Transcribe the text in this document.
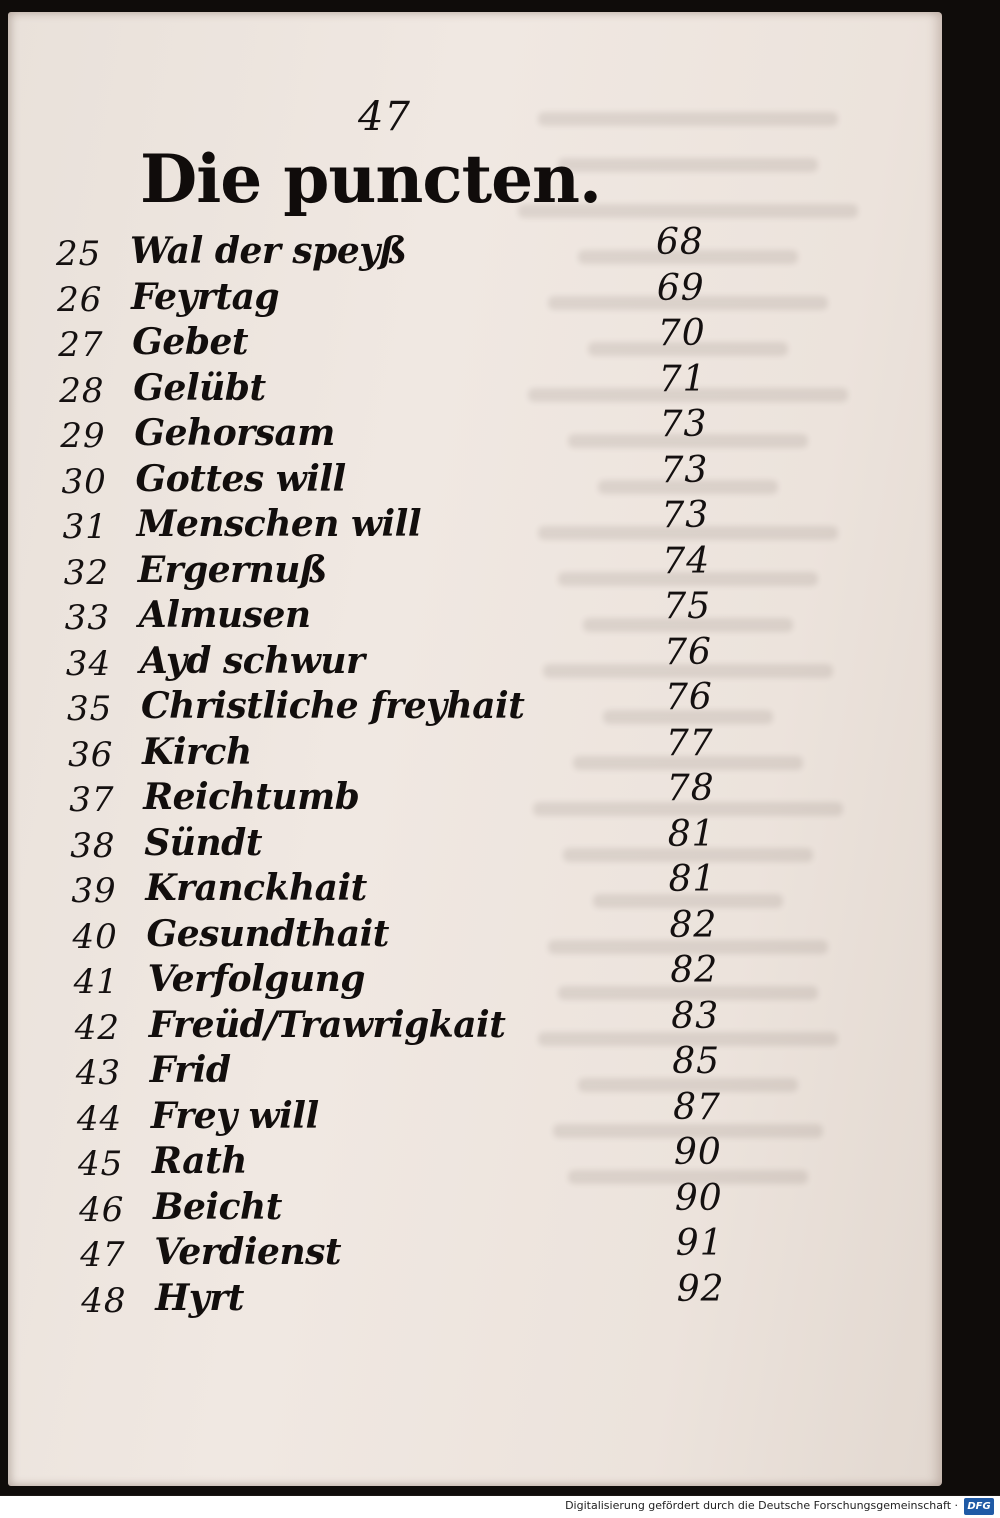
47
Die puncten.
25 Wal der speyß	68
26 Feyrtag	69
27 Gebet	70
28 Gelübt	71
29 Gehorsam	73
30 Gottes will	73
31 Menschen will	73
32 Ergernuß	74
33 Almusen	75
34 Ayd schwur	76
35 Christliche freyhait	76
36 Kirch	77
37 Reichtumb	78
38 Sündt	81
39 Kranckhait	81
40 Gesundthait	82
41 Verfolgung	82
42 Freüd/Trawrigkait	83
43 Frid	85
44 Frey will	87
45 Rath	90
46 Beicht	90
47 Verdienst	91
48 Hyrt	92
Digitalisierung gefördert durch die Deutsche Forschungsgemeinschaft · DFG
